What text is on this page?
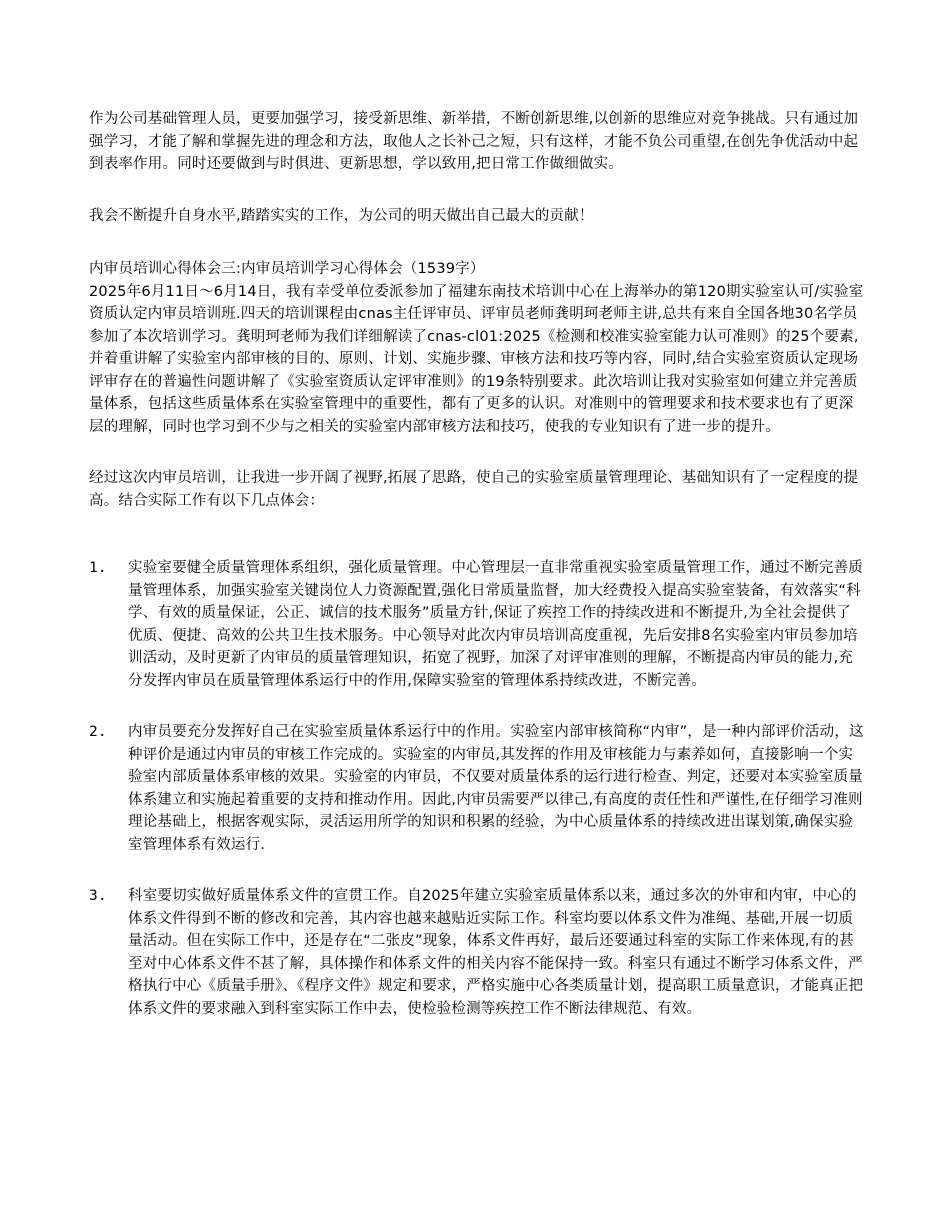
作为公司基础管理人员，更要加强学习，接受新思维、新举措，不断创新思维,以创新的思维应对竞争挑战。只有通过加强学习，才能了解和掌握先进的理念和方法，取他人之长补己之短，只有这样，才能不负公司重望,在创先争优活动中起到表率作用。同时还要做到与时俱进、更新思想，学以致用,把日常工作做细做实。

我会不断提升自身水平,踏踏实实的工作，为公司的明天做出自己最大的贡献！

内审员培训心得体会三:内审员培训学习心得体会（1539字）

2025年6月11日～6月14日，我有幸受单位委派参加了福建东南技术培训中心在上海举办的第120期实验室认可/实验室资质认定内审员培训班.四天的培训课程由cnas主任评审员、评审员老师龚明珂老师主讲,总共有来自全国各地30名学员参加了本次培训学习。龚明珂老师为我们详细解读了cnas-cl01:2025《检测和校准实验室能力认可准则》的25个要素,并着重讲解了实验室内部审核的目的、原则、计划、实施步骤、审核方法和技巧等内容，同时,结合实验室资质认定现场评审存在的普遍性问题讲解了《实验室资质认定评审准则》的19条特别要求。此次培训让我对实验室如何建立并完善质量体系，包括这些质量体系在实验室管理中的重要性，都有了更多的认识。对准则中的管理要求和技术要求也有了更深层的理解，同时也学习到不少与之相关的实验室内部审核方法和技巧，使我的专业知识有了进一步的提升。

经过这次内审员培训，让我进一步开阔了视野,拓展了思路，使自己的实验室质量管理理论、基础知识有了一定程度的提高。结合实际工作有以下几点体会：

1. 实验室要健全质量管理体系组织，强化质量管理。中心管理层一直非常重视实验室质量管理工作，通过不断完善质量管理体系，加强实验室关键岗位人力资源配置,强化日常质量监督，加大经费投入提高实验室装备，有效落实“科学、有效的质量保证，公正、诚信的技术服务”质量方针,保证了疾控工作的持续改进和不断提升,为全社会提供了优质、便捷、高效的公共卫生技术服务。中心领导对此次内审员培训高度重视，先后安排8名实验室内审员参加培训活动，及时更新了内审员的质量管理知识，拓宽了视野，加深了对评审准则的理解，不断提高内审员的能力,充分发挥内审员在质量管理体系运行中的作用,保障实验室的管理体系持续改进，不断完善。
2. 内审员要充分发挥好自己在实验室质量体系运行中的作用。实验室内部审核简称“内审”，是一种内部评价活动，这种评价是通过内审员的审核工作完成的。实验室的内审员,其发挥的作用及审核能力与素养如何，直接影响一个实验室内部质量体系审核的效果。实验室的内审员，不仅要对质量体系的运行进行检查、判定，还要对本实验室质量体系建立和实施起着重要的支持和推动作用。因此,内审员需要严以律己,有高度的责任性和严谨性,在仔细学习准则理论基础上，根据客观实际，灵活运用所学的知识和积累的经验，为中心质量体系的持续改进出谋划策,确保实验室管理体系有效运行.
3. 科室要切实做好质量体系文件的宣贯工作。自2025年建立实验室质量体系以来，通过多次的外审和内审，中心的体系文件得到不断的修改和完善，其内容也越来越贴近实际工作。科室均要以体系文件为准绳、基础,开展一切质量活动。但在实际工作中，还是存在“二张皮”现象，体系文件再好，最后还要通过科室的实际工作来体现,有的甚至对中心体系文件不甚了解，具体操作和体系文件的相关内容不能保持一致。科室只有通过不断学习体系文件，严格执行中心《质量手册》、《程序文件》规定和要求，严格实施中心各类质量计划，提高职工质量意识，才能真正把体系文件的要求融入到科室实际工作中去，使检验检测等疾控工作不断法律规范、有效。
